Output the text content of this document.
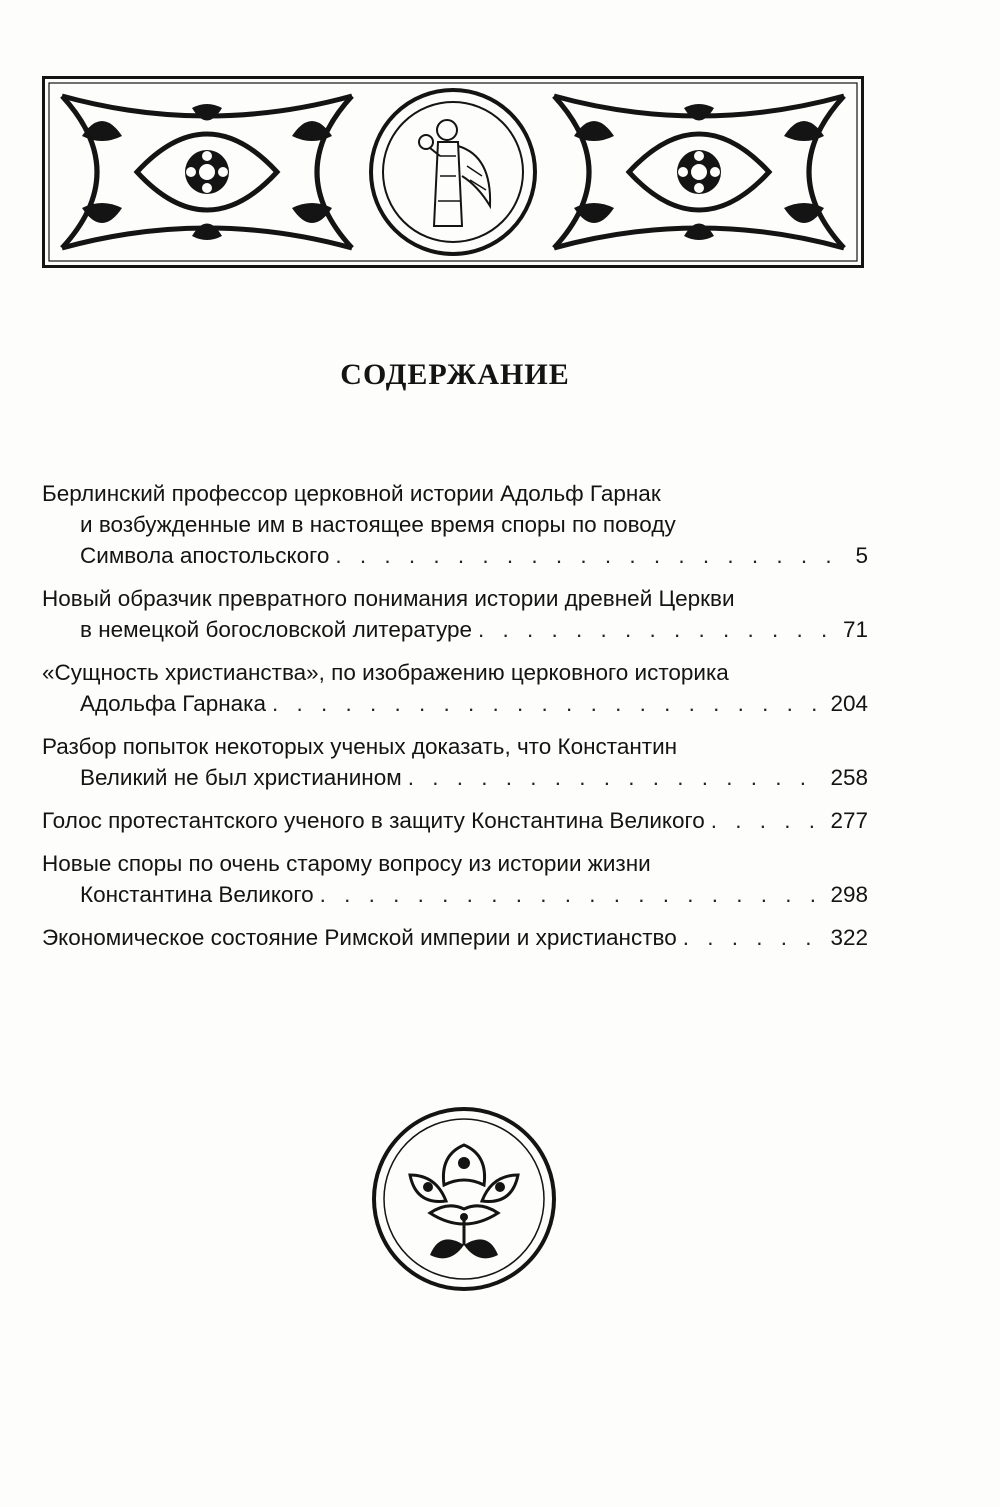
СОДЕРЖАНИЕ
Берлинский профессор церковной истории Адольф Гарнак
и возбужденные им в настоящее время споры по поводу
Символа апостольского . . .	5
Новый образчик превратного понимания истории древней Церкви
в немецкой богословской литературе . . .	71
«Сущность христианства», по изображению церковного историка
Адольфа Гарнака . . .	204
Разбор попыток некоторых ученых доказать, что Константин
Великий не был христианином . . .	258
Голос протестантского ученого в защиту Константина Великого . . .	277
Новые споры по очень старому вопросу из истории жизни
Константина Великого . . .	298
Экономическое состояние Римской империи и христианство . . .	322
